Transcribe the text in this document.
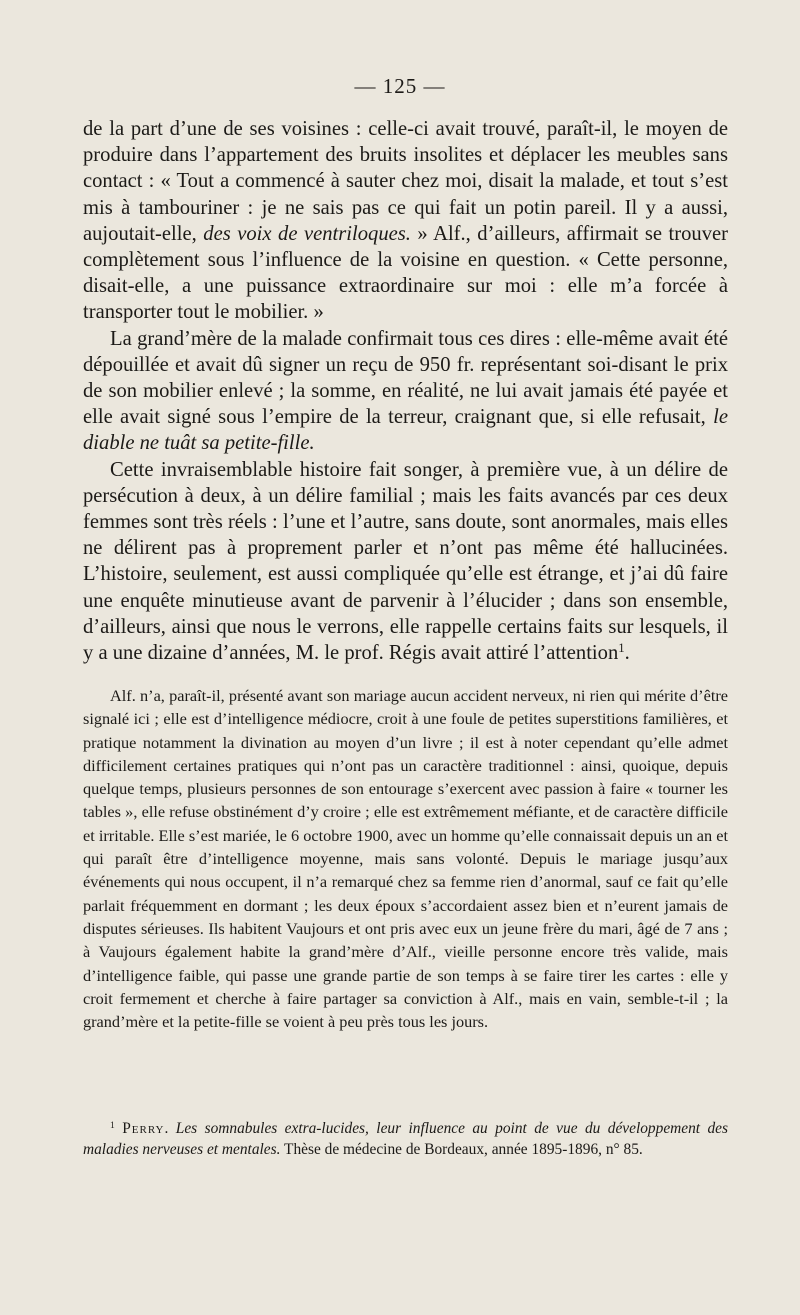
— 125 —

de la part d’une de ses voisines : celle-ci avait trouvé, paraît-il, le moyen de produire dans l’appartement des bruits insolites et déplacer les meubles sans contact : « Tout a commencé à sauter chez moi, disait la malade, et tout s’est mis à tambouriner : je ne sais pas ce qui fait un potin pareil. Il y a aussi, aujoutait-elle, des voix de ventriloques. » Alf., d’ailleurs, affirmait se trouver complètement sous l’influence de la voisine en question. « Cette personne, disait-elle, a une puissance extraordinaire sur moi : elle m’a forcée à transporter tout le mobilier. »

La grand’mère de la malade confirmait tous ces dires : elle-même avait été dépouillée et avait dû signer un reçu de 950 fr. représentant soi-disant le prix de son mobilier enlevé ; la somme, en réalité, ne lui avait jamais été payée et elle avait signé sous l’empire de la terreur, craignant que, si elle refusait, le diable ne tuât sa petite-fille.

Cette invraisemblable histoire fait songer, à première vue, à un délire de persécution à deux, à un délire familial ; mais les faits avancés par ces deux femmes sont très réels : l’une et l’autre, sans doute, sont anormales, mais elles ne délirent pas à proprement parler et n’ont pas même été hallucinées. L’histoire, seulement, est aussi compliquée qu’elle est étrange, et j’ai dû faire une enquête minutieuse avant de parvenir à l’élucider ; dans son ensemble, d’ailleurs, ainsi que nous le verrons, elle rappelle certains faits sur lesquels, il y a une dizaine d’années, M. le prof. Régis avait attiré l’attention$^1$.

Alf. n’a, paraît-il, présenté avant son mariage aucun accident nerveux, ni rien qui mérite d’être signalé ici ; elle est d’intelligence médiocre, croit à une foule de petites superstitions familières, et pratique notamment la divination au moyen d’un livre ; il est à noter cependant qu’elle admet difficilement certaines pratiques qui n’ont pas un caractère traditionnel : ainsi, quoique, depuis quelque temps, plusieurs personnes de son entourage s’exercent avec passion à faire « tourner les tables », elle refuse obstinément d’y croire ; elle est extrêmement méfiante, et de caractère difficile et irritable. Elle s’est mariée, le 6 octobre 1900, avec un homme qu’elle connaissait depuis un an et qui paraît être d’intelligence moyenne, mais sans volonté. Depuis le mariage jusqu’aux événements qui nous occupent, il n’a remarqué chez sa femme rien d’anormal, sauf ce fait qu’elle parlait fréquemment en dormant ; les deux époux s’accordaient assez bien et n’eurent jamais de disputes sérieuses. Ils habitent Vaujours et ont pris avec eux un jeune frère du mari, âgé de 7 ans ; à Vaujours également habite la grand’mère d’Alf., vieille personne encore très valide, mais d’intelligence faible, qui passe une grande partie de son temps à se faire tirer les cartes : elle y croit fermement et cherche à faire partager sa conviction à Alf., mais en vain, semble-t-il ; la grand’mère et la petite-fille se voient à peu près tous les jours.

$^1$ Perry. Les somnabules extra-lucides, leur influence au point de vue du développement des maladies nerveuses et mentales. Thèse de médecine de Bordeaux, année 1895-1896, n° 85.
